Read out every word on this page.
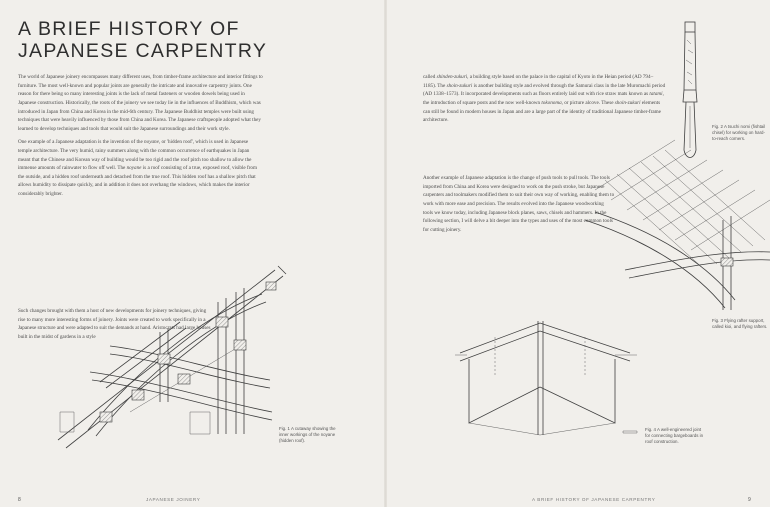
A BRIEF HISTORY OF
JAPANESE CARPENTRY

The world of Japanese joinery encompasses many different uses, from timber-frame architecture and interior fittings to furniture. The most well-known and popular joints are generally the intricate and innovative carpentry joints. One reason for there being so many interesting joints is the lack of metal fasteners or wooden dowels being used in Japanese construction. Historically, the roots of the joinery we see today lie in the influences of Buddhism, which was introduced in Japan from China and Korea in the mid-6th century. The Japanese Buddhist temples were built using techniques that were heavily influenced by those from China and Korea. The Japanese craftspeople adopted what they learned to develop techniques and tools that would suit the Japanese surroundings and their work style.

One example of a Japanese adaptation is the invention of the noyane, or 'hidden roof', which is used in Japanese temple architecture. The very humid, rainy summers along with the common occurrence of earthquakes in Japan meant that the Chinese and Korean way of building would be too rigid and the roof pitch too shallow to allow the immense amounts of rainwater to flow off well. The noyane is a roof consisting of a true, exposed roof, visible from the outside, and a hidden roof underneath and detached from the true roof. This hidden roof has a shallow pitch that allows humidity to dissipate quickly, and in addition it does not overhang the windows, which makes the interior considerably brighter.

Such changes brought with them a host of new developments for joinery techniques, giving rise to many more interesting forms of joinery. Joints were created to work specifically in a Japanese structure and were adapted to suit the demands at hand. Aristocrats had large houses built in the midst of gardens in a style

Fig. 1 A cutaway showing the inner workings of the noyane (hidden roof).
8	JAPANESE JOINERY

called shinden-zukuri, a building style based on the palace in the capital of Kyoto in the Heian period (AD 794–1185). The shoin-zukuri is another building style and evolved through the Samurai class in the late Muromachi period (AD 1338–1573). It incorporated developments such as floors entirely laid out with rice straw mats known as tatami, the introduction of square posts and the now well-known tokonoma, or picture alcove. These shoin-zukuri elements can still be found in modern houses in Japan and are a large part of the identity of traditional Japanese timber-frame architecture.

Another example of Japanese adaptation is the change of push tools to pull tools. The tools imported from China and Korea were designed to work on the push stroke, but Japanese carpenters and toolmakers modified them to suit their own way of working, enabling them to work with more ease and precision. The results evolved into the Japanese woodworking tools we know today, including Japanese block planes, saws, chisels and hammers. In the following section, I will delve a bit deeper into the types and uses of the most common tools for cutting joinery.

Fig. 2 A tsuchi nomi (fishtail chisel) for working on hard-to-reach corners.
Fig. 3 Flying rafter support, called kioi, and flying rafters.
Fig. 4 A well-engineered joint for connecting bargeboards in roof construction.
A BRIEF HISTORY OF JAPANESE CARPENTRY	9
